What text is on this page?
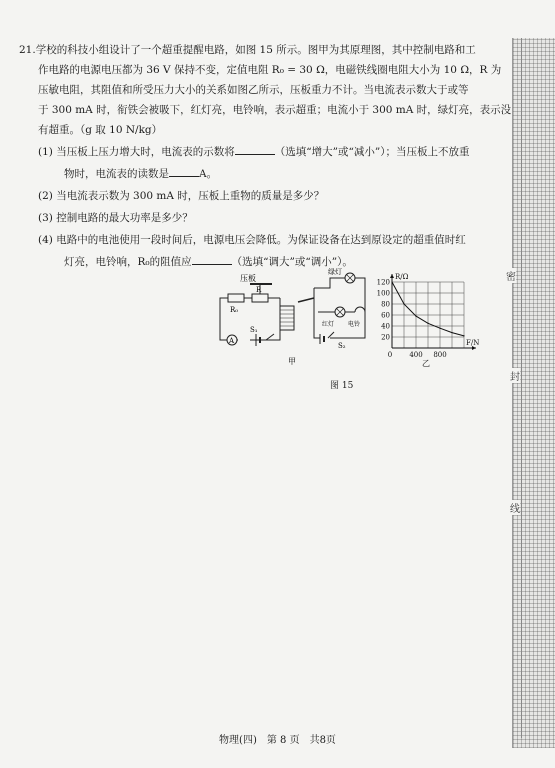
21.学校的科技小组设计了一个超重提醒电路，如图 15 所示。图甲为其原理图，其中控制电路和工
作电路的电源电压都为 36 V 保持不变，定值电阻 R₀ = 30 Ω，电磁铁线圈电阻大小为 10 Ω，R 为
压敏电阻，其阻值和所受压力大小的关系如图乙所示，压板重力不计。当电流表示数大于或等
于 300 mA 时，衔铁会被吸下，红灯亮，电铃响，表示超重；电流小于 300 mA 时，绿灯亮，表示没
有超重。（g 取 10 N/kg）
(1) 当压板上压力增大时，电流表的示数将	（选填“增大”或“减小”）；当压板上不放重
物时，电流表的读数是	A。
(2) 当电流表示数为 300 mA 时，压板上重物的质量是多少？
(3) 控制电路的最大功率是多少？
(4) 电路中的电池使用一段时间后，电源电压会降低。为保证设备在达到原设定的超重值时红
灯亮，电铃响，R₀的阻值应	（选填“调大”或“调小”）。
压板
R₀
R
S₁
A
绿灯
红灯 电铃
S₂
甲
20
40
60
80
100
120
0 400 800
R/Ω
F/N
乙
图 15
密
封
线
物理(四)　第 8 页　共8页
